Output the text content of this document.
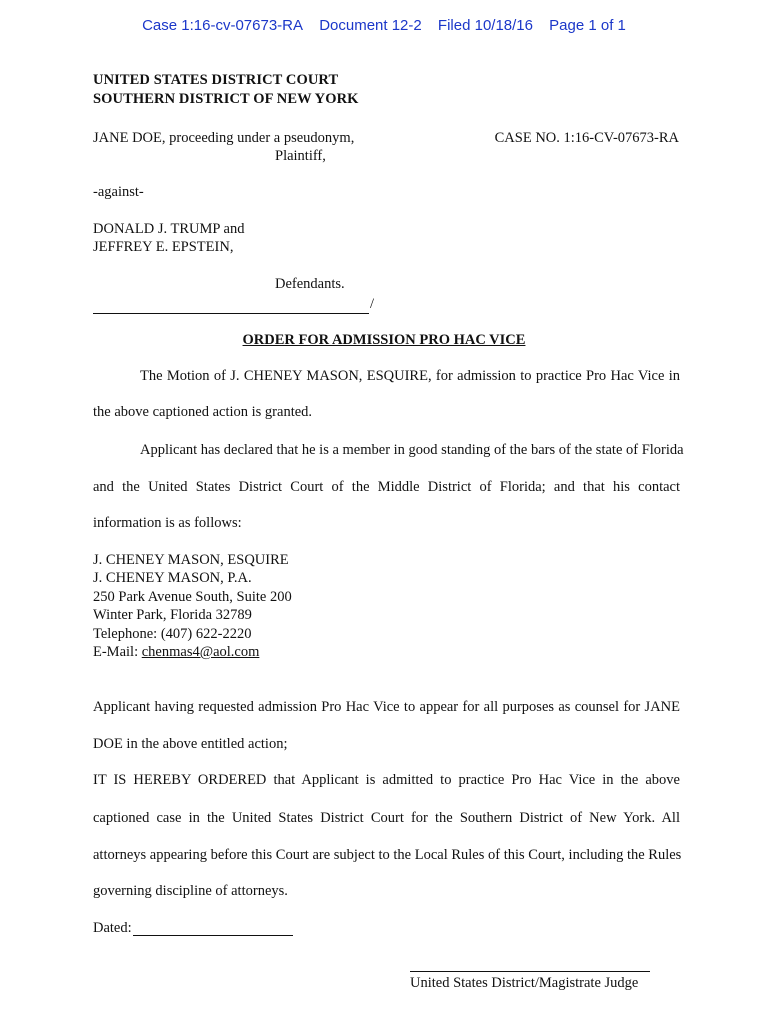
Case 1:16-cv-07673-RA Document 12-2 Filed 10/18/16 Page 1 of 1
UNITED STATES DISTRICT COURT
SOUTHERN DISTRICT OF NEW YORK
JANE DOE, proceeding under a pseudonym,
Plaintiff,
CASE NO. 1:16-CV-07673-RA
-against-
DONALD J. TRUMP and
JEFFREY E. EPSTEIN,
Defendants.
/
ORDER FOR ADMISSION PRO HAC VICE
The Motion of J. CHENEY MASON, ESQUIRE, for admission to practice Pro Hac Vice in
the above captioned action is granted.
Applicant has declared that he is a member in good standing of the bars of the state of Florida
and the United States District Court of the Middle District of Florida; and that his contact
information is as follows:
J. CHENEY MASON, ESQUIRE
J. CHENEY MASON, P.A.
250 Park Avenue South, Suite 200
Winter Park, Florida 32789
Telephone: (407) 622-2220
E-Mail: chenmas4@aol.com
Applicant having requested admission Pro Hac Vice to appear for all purposes as counsel for JANE
DOE in the above entitled action;
IT IS HEREBY ORDERED that Applicant is admitted to practice Pro Hac Vice in the above
captioned case in the United States District Court for the Southern District of New York. All
attorneys appearing before this Court are subject to the Local Rules of this Court, including the Rules
governing discipline of attorneys.
Dated:
United States District/Magistrate Judge
